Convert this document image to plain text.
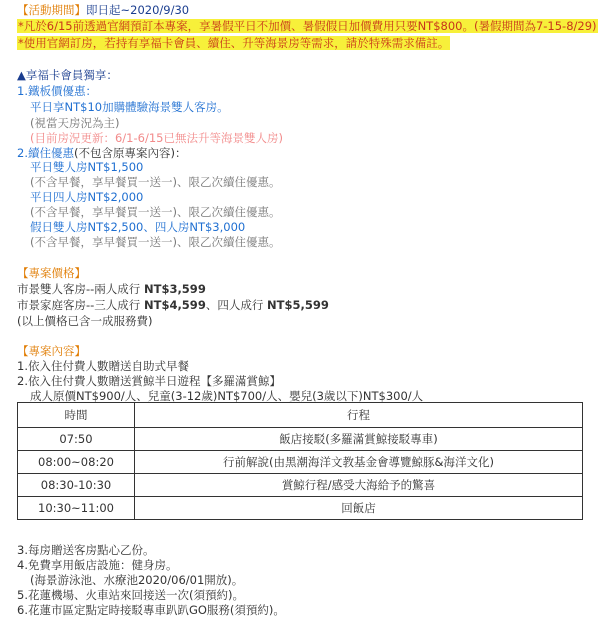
【活動期間】即日起~2020/9/30
*凡於6/15前透過官網預訂本專案，享暑假平日不加價、暑假假日加價費用只要NT$800。(暑假期間為7-15-8/29)
*使用官網訂房，若持有享福卡會員、續住、升等海景房等需求，請於特殊需求備註。
▲享福卡會員獨享：
1.鐵板價優惠：
平日享NT$10加購體驗海景雙人客房。
(視當天房況為主)
(目前房況更新：6/1-6/15已無法升等海景雙人房)
2.續住優惠(不包含原專案內容)：
平日雙人房NT$1,500
(不含早餐，享早餐買一送一)、限乙次續住優惠。
平日四人房NT$2,000
(不含早餐，享早餐買一送一)、限乙次續住優惠。
假日雙人房NT$2,500、四人房NT$3,000
(不含早餐，享早餐買一送一)、限乙次續住優惠。
【專案價格】
市景雙人客房--兩人成行 NT$3,599
市景家庭客房--三人成行 NT$4,599、四人成行 NT$5,599
(以上價格已含一成服務費)
【專案內容】
1.依入住付費人數贈送自助式早餐
2.依入住付費人數贈送賞鯨半日遊程【多羅滿賞鯨】
成人原價NT$900/人、兒童(3-12歲)NT$700/人、嬰兒(3歲以下)NT$300/人
時間	行程
07:50	飯店接駁(多羅滿賞鯨接駁專車)
08:00~08:20	行前解說(由黑潮海洋文教基金會導覽鯨豚&海洋文化)
08:30-10:30	賞鯨行程/感受大海給予的驚喜
10:30~11:00	回飯店
3.每房贈送客房點心乙份。
4.免費享用飯店設施：健身房。
(海景游泳池、水療池2020/06/01開放)。
5.花蓮機場、火車站來回接送一次(須預約)。
6.花蓮市區定點定時接駁專車趴趴GO服務(須預約)。
